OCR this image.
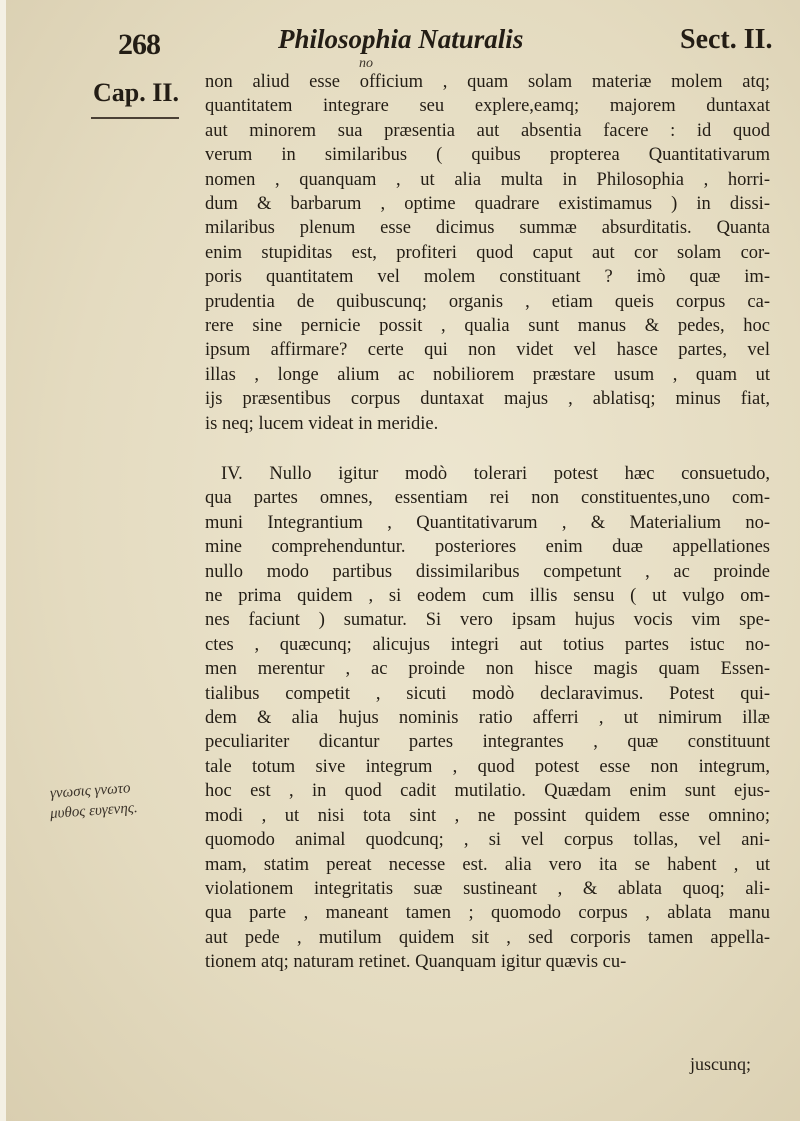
268	Philosophia Naturalis	Sect. II.
Cap. II.
no
γνωσις γνωτο
μυθος ευγενης.
non aliud esse officium , quam solam materiæ molem atq;
quantitatem integrare seu explere,eamq; majorem duntaxat
aut minorem sua præsentia aut absentia facere : id quod
verum in similaribus ( quibus propterea Quantitativarum
nomen , quanquam , ut alia multa in Philosophia , horri-
dum & barbarum , optime quadrare existimamus ) in dissi-
milaribus plenum esse dicimus summæ absurditatis. Quanta
enim stupiditas est, profiteri quod caput aut cor solam cor-
poris quantitatem vel molem constituant ? imò quæ im-
prudentia de quibuscunq; organis , etiam queis corpus ca-
rere sine pernicie possit , qualia sunt manus & pedes, hoc
ipsum affirmare? certe qui non videt vel hasce partes, vel
illas , longe alium ac nobiliorem præstare usum , quam ut
ijs præsentibus corpus duntaxat majus , ablatisq; minus fiat,
is neq; lucem videat in meridie.
IV. Nullo igitur modò tolerari potest hæc consuetudo,
qua partes omnes, essentiam rei non constituentes,uno com-
muni Integrantium , Quantitativarum , & Materialium no-
mine comprehenduntur. posteriores enim duæ appellationes
nullo modo partibus dissimilaribus competunt , ac proinde
ne prima quidem , si eodem cum illis sensu ( ut vulgo om-
nes faciunt ) sumatur. Si vero ipsam hujus vocis vim spe-
ctes , quæcunq; alicujus integri aut totius partes istuc no-
men merentur , ac proinde non hisce magis quam Essen-
tialibus competit , sicuti modò declaravimus. Potest qui-
dem & alia hujus nominis ratio afferri , ut nimirum illæ
peculiariter dicantur partes integrantes , quæ constituunt
tale totum sive integrum , quod potest esse non integrum,
hoc est , in quod cadit mutilatio. Quædam enim sunt ejus-
modi , ut nisi tota sint , ne possint quidem esse omnino;
quomodo animal quodcunq; , si vel corpus tollas, vel ani-
mam, statim pereat necesse est. alia vero ita se habent , ut
violationem integritatis suæ sustineant , & ablata quoq; ali-
qua parte , maneant tamen ; quomodo corpus , ablata manu
aut pede , mutilum quidem sit , sed corporis tamen appella-
tionem atq; naturam retinet. Quanquam igitur quævis cu-
juscunq;
